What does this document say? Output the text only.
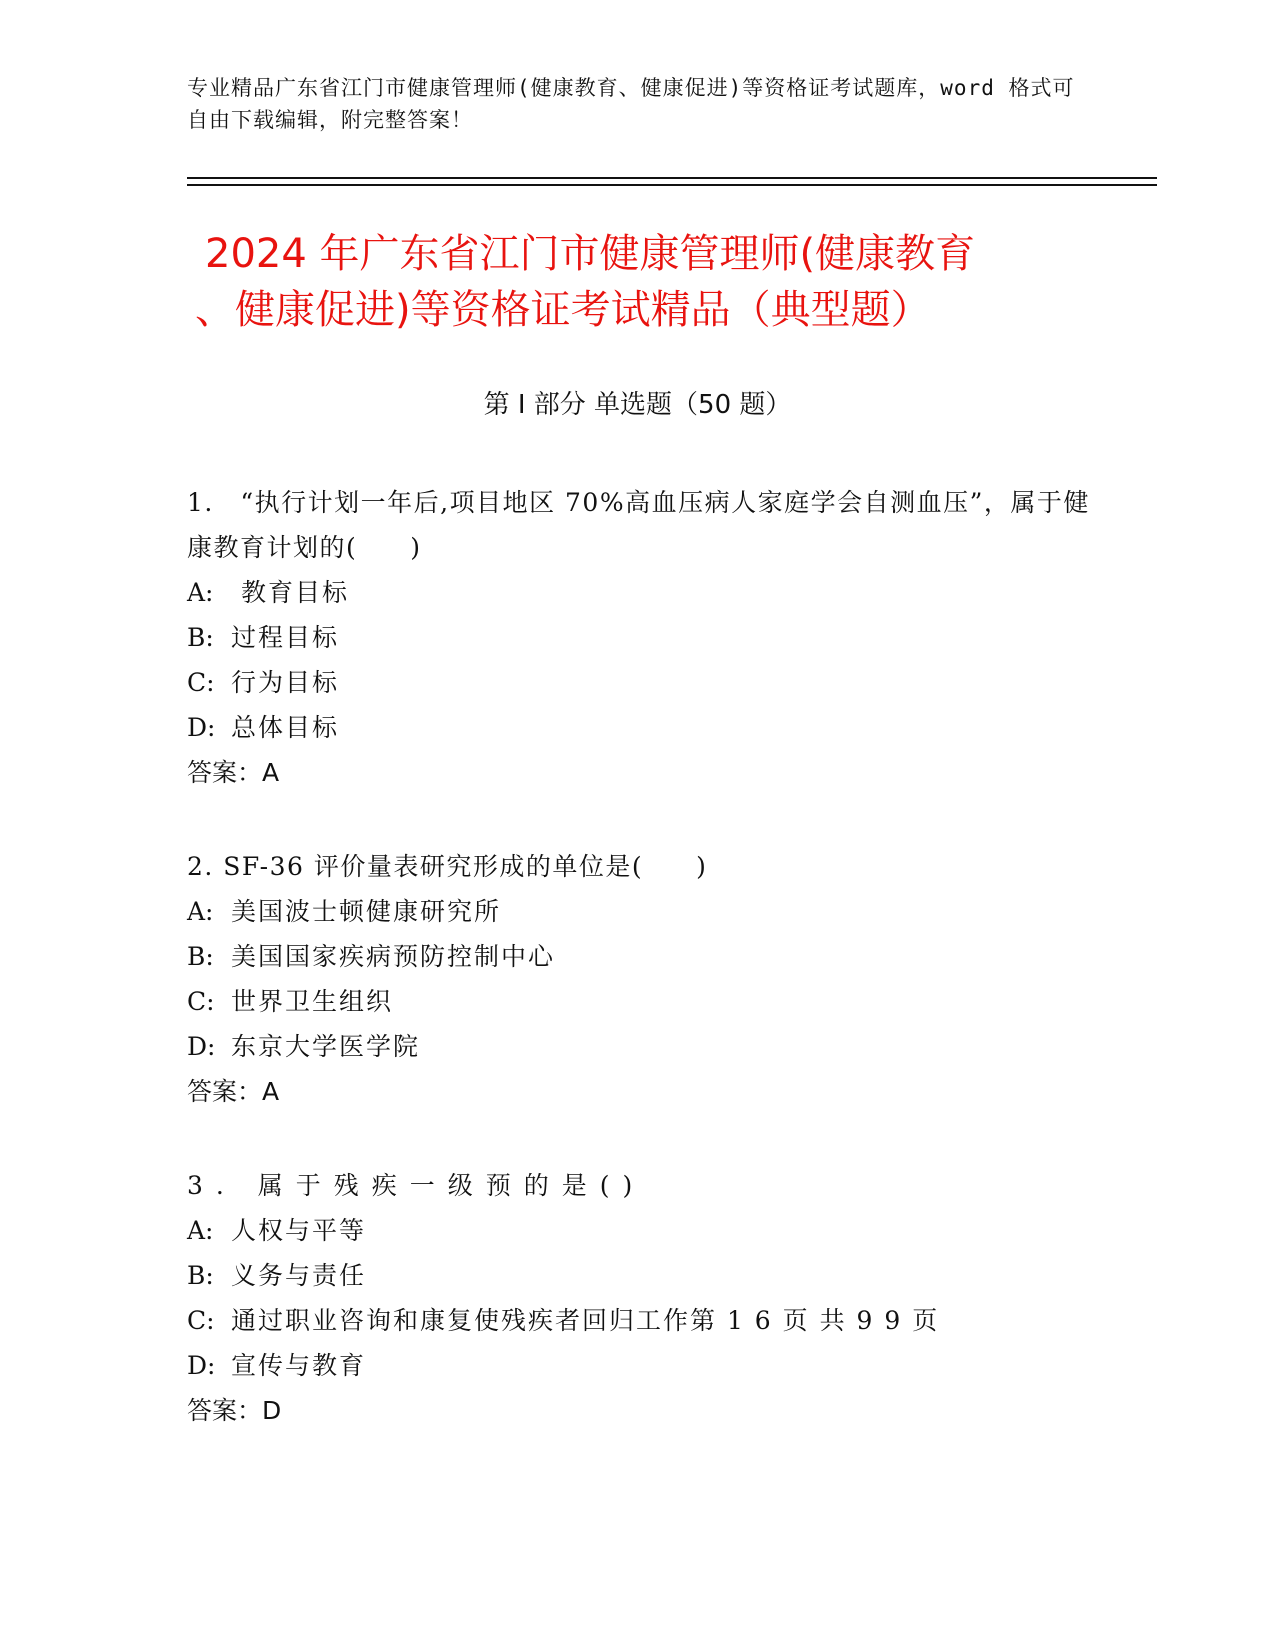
专业精品广东省江门市健康管理师(健康教育、健康促进)等资格证考试题库，word 格式可自由下载编辑，附完整答案！
2024 年广东省江门市健康管理师(健康教育
、健康促进)等资格证考试精品（典型题）
第 I 部分 单选题（50 题）
1.　“执行计划一年后,项目地区 70%高血压病人家庭学会自测血压”，属于健康教育计划的(　　)
A: 教育目标
B: 过程目标
C: 行为目标
D: 总体目标
答案：A
2. SF-36 评价量表研究形成的单位是(　　)
A: 美国波士顿健康研究所
B: 美国国家疾病预防控制中心
C: 世界卫生组织
D: 东京大学医学院
答案：A
3. 属于残疾一级预的是()
A: 人权与平等
B: 义务与责任
C: 通过职业咨询和康复使残疾者回归工作第 1 6 页 共 9 9 页
D: 宣传与教育
答案：D
